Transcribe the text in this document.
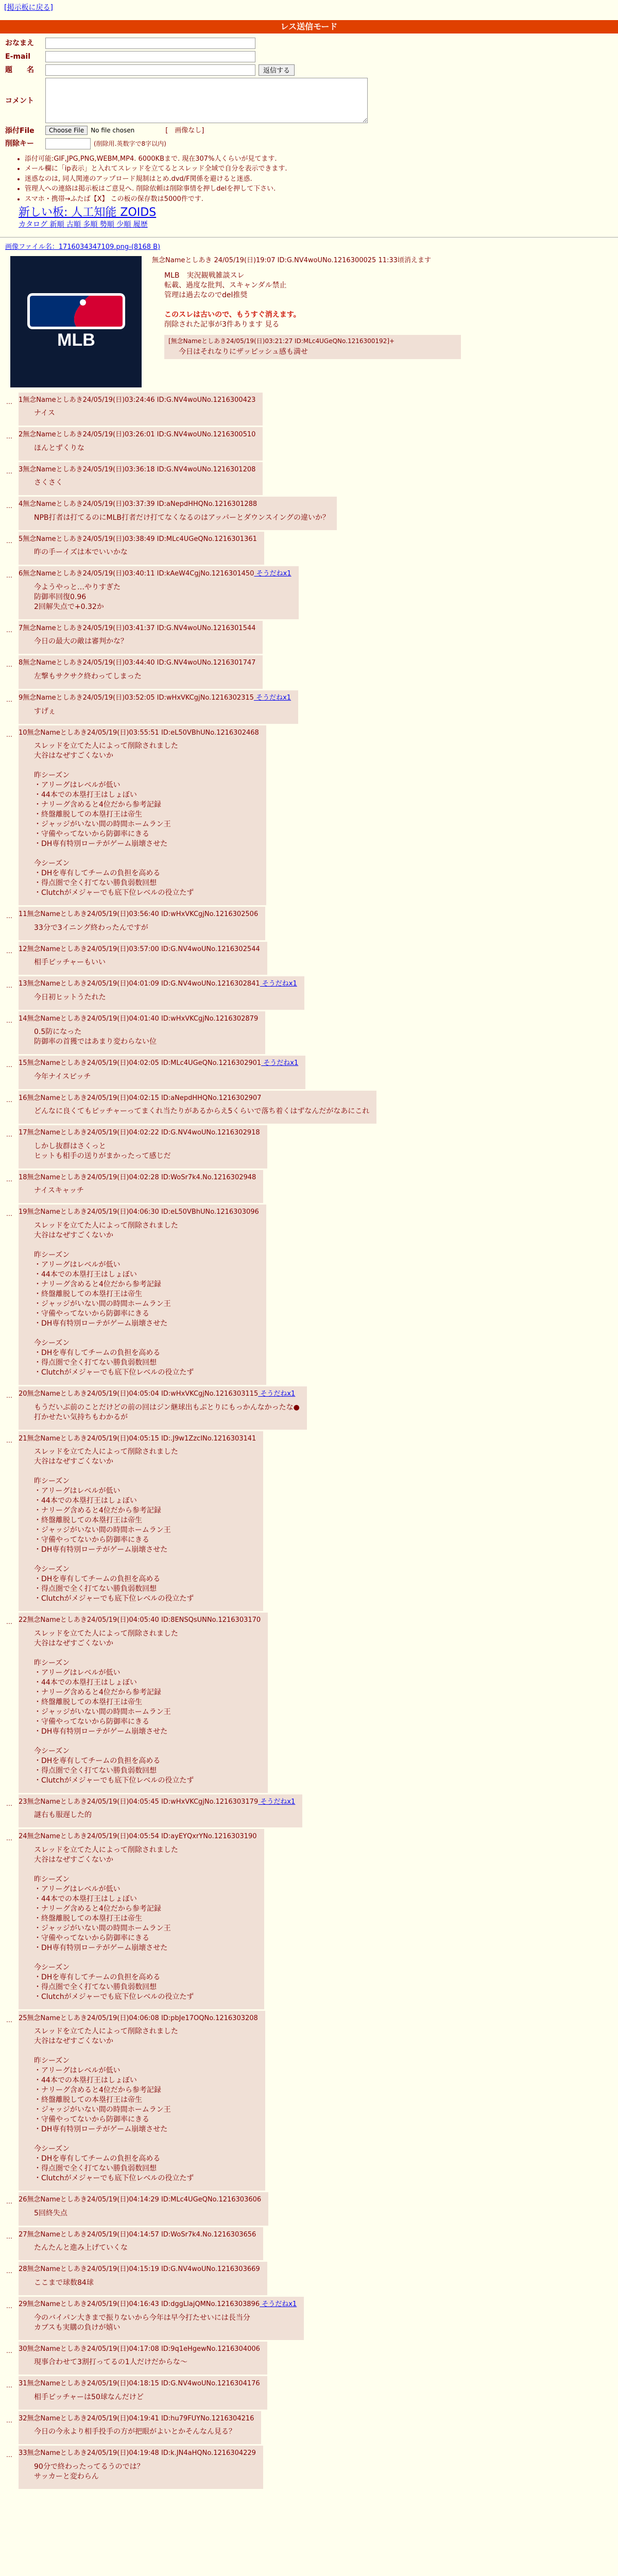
[掲示板に戻る]
レス送信モード
おなまえ
E-mail
題　　名	返信する
コメント
添付File	Choose File	No file chosen	[　画像なし]
削除キー	(削除用.英数字で8字以内)
• 添付可能:GIF,JPG,PNG,WEBM,MP4. 6000KBまで. 現在307%人くらいが見てます.
• メール欄に「ip表示」と入れてスレッドを立てるとスレッド全域で自分を表示できます.
• 迷惑なのは, 同人関連のアップロード規制はとめ.dvd/F関係を避けると迷惑.
• 管理人への連絡は掲示板はご意見へ. 削除依頼は削除事情を押しdelを押して下さい.
• スマホ・携帯→ふたば【X】 この板の保存数は5000件です.
新しい板: 人工知能 ZOIDS
カタログ 新順 古順 多順 勢順 少順 履歴
画像ファイル名：1716034347109.png-(8168 B)
MLB
無念Nameとしあき 24/05/19(日)19:07 ID:G.NV4woUNo.1216300025 11:33頃消えます
MLB　実況観戦雑談スレ
転載、過度な批判、スキャンダル禁止
管理は過去なのでdel推奨
このスレは古いので、もうすぐ消えます。
削除された記事が3件あります 見る
[無念Nameとしあき24/05/19(日)03:21:27 ID:MLc4UGeQNo.1216300192]+
今日はそれなりにザッピッシュ感も満せ
… 1無念Nameとしあき24/05/19(日)03:24:46 ID:G.NV4woUNo.1216300423
ナイス
… 2無念Nameとしあき24/05/19(日)03:26:01 ID:G.NV4woUNo.1216300510
ほんとずくりな
… 3無念Nameとしあき24/05/19(日)03:36:18 ID:G.NV4woUNo.1216301208
さくさく
… 4無念Nameとしあき24/05/19(日)03:37:39 ID:aNepdHHQNo.1216301288
NPB打者は打てるのにMLB打者だけ打てなくなるのはアッパーとダウンスイングの違いか？
… 5無念Nameとしあき24/05/19(日)03:38:49 ID:MLc4UGeQNo.1216301361
昨の手ーイズは本でいいかな
… 6無念Nameとしあき24/05/19(日)03:40:11 ID:kAeW4CgjNo.1216301450 そうだねx1
今ようやっと…やりすぎた
防御率回復0.96
2回解失点で+0.32か
… 7無念Nameとしあき24/05/19(日)03:41:37 ID:G.NV4woUNo.1216301544
今日の最大の敵は審判かな？
… 8無念Nameとしあき24/05/19(日)03:44:40 ID:G.NV4woUNo.1216301747
左撃もサクサク終わってしまった
… 9無念Nameとしあき24/05/19(日)03:52:05 ID:wHxVKCgjNo.1216302315 そうだねx1
すげぇ
… 10無念Nameとしあき24/05/19(日)03:55:51 ID:eL50VBhUNo.1216302468
スレッドを立てた人によって削除されました
大谷はなぜすごくないか
昨シーズン
・アリーグはレベルが低い
・44本での本塁打王はしょぼい
・ナリーグ含めると4位だから参考記録
・終盤離脱しての本塁打王は帝生
・ジャッジがいない間の時間ホームラン王
・守備やってないから防御率にきる
・DH専有特別ローテがゲーム崩壊させた
今シーズン
・DHを専有してチームの負担を高める
・得点圏で全く打てない勝負弱数回想
・Clutchがメジャーでも底下位レベルの役立たず
… 11無念Nameとしあき24/05/19(日)03:56:40 ID:wHxVKCgjNo.1216302506
33分で3イニング終わったんですが
… 12無念Nameとしあき24/05/19(日)03:57:00 ID:G.NV4woUNo.1216302544
相手ピッチャーもいい
… 13無念Nameとしあき24/05/19(日)04:01:09 ID:G.NV4woUNo.1216302841 そうだねx1
今日初ヒットうたれた
… 14無念Nameとしあき24/05/19(日)04:01:40 ID:wHxVKCgjNo.1216302879
0.5防になった
防御率の首獲ではあまり変わらない位
… 15無念Nameとしあき24/05/19(日)04:02:05 ID:MLc4UGeQNo.1216302901 そうだねx1
今年ナイスピッチ
… 16無念Nameとしあき24/05/19(日)04:02:15 ID:aNepdHHQNo.1216302907
どんなに良くてもピッチャーってまくれ当たりがあるからえ5くらいで落ち着くはずなんだがなあにこれ
… 17無念Nameとしあき24/05/19(日)04:02:22 ID:G.NV4woUNo.1216302918
しかし抜群はさくっと
ヒットも相手の送りがまかったって感じだ
… 18無念Nameとしあき24/05/19(日)04:02:28 ID:WoSr7k4.No.1216302948
ナイスキャッチ
… 19無念Nameとしあき24/05/19(日)04:06:30 ID:eL50VBhUNo.1216303096
スレッドを立てた人によって削除されました
大谷はなぜすごくないか
昨シーズン
・アリーグはレベルが低い
・44本での本塁打王はしょぼい
・ナリーグ含めると4位だから参考記録
・終盤離脱しての本塁打王は帝生
・ジャッジがいない間の時間ホームラン王
・守備やってないから防御率にきる
・DH専有特別ローテがゲーム崩壊させた
今シーズン
・DHを専有してチームの負担を高める
・得点圏で全く打てない勝負弱数回想
・Clutchがメジャーでも底下位レベルの役立たず
… 20無念Nameとしあき24/05/19(日)04:05:04 ID:wHxVKCgjNo.1216303115 そうだねx1
もうだいぶ前のことだけどの前の回はジン継球出もぶとりにもっかんなかったな●
打かせたい気持ちもわかるが
… 21無念Nameとしあき24/05/19(日)04:05:15 ID:.J9w1ZzcINo.1216303141
スレッドを立てた人によって削除されました
大谷はなぜすごくないか
昨シーズン
・アリーグはレベルが低い
・44本での本塁打王はしょぼい
・ナリーグ含めると4位だから参考記録
・終盤離脱しての本塁打王は帝生
・ジャッジがいない間の時間ホームラン王
・守備やってないから防御率にきる
・DH専有特別ローテがゲーム崩壊させた
今シーズン
・DHを専有してチームの負担を高める
・得点圏で全く打てない勝負弱数回想
・Clutchがメジャーでも底下位レベルの役立たず
… 22無念Nameとしあき24/05/19(日)04:05:40 ID:8ENSQsUNNo.1216303170
スレッドを立てた人によって削除されました
大谷はなぜすごくないか
昨シーズン
・アリーグはレベルが低い
・44本での本塁打王はしょぼい
・ナリーグ含めると4位だから参考記録
・終盤離脱しての本塁打王は帝生
・ジャッジがいない間の時間ホームラン王
・守備やってないから防御率にきる
・DH専有特別ローテがゲーム崩壊させた
今シーズン
・DHを専有してチームの負担を高める
・得点圏で全く打てない勝負弱数回想
・Clutchがメジャーでも底下位レベルの役立たず
… 23無念Nameとしあき24/05/19(日)04:05:45 ID:wHxVKCgjNo.1216303179 そうだねx1
謎右も服遅した的
… 24無念Nameとしあき24/05/19(日)04:05:54 ID:ayEYQxrYNo.1216303190
スレッドを立てた人によって削除されました
大谷はなぜすごくないか
昨シーズン
・アリーグはレベルが低い
・44本での本塁打王はしょぼい
・ナリーグ含めると4位だから参考記録
・終盤離脱しての本塁打王は帝生
・ジャッジがいない間の時間ホームラン王
・守備やってないから防御率にきる
・DH専有特別ローテがゲーム崩壊させた
今シーズン
・DHを専有してチームの負担を高める
・得点圏で全く打てない勝負弱数回想
・Clutchがメジャーでも底下位レベルの役立たず
… 25無念Nameとしあき24/05/19(日)04:06:08 ID:pbJe17OQNo.1216303208
スレッドを立てた人によって削除されました
大谷はなぜすごくないか
昨シーズン
・アリーグはレベルが低い
・44本での本塁打王はしょぼい
・ナリーグ含めると4位だから参考記録
・終盤離脱しての本塁打王は帝生
・ジャッジがいない間の時間ホームラン王
・守備やってないから防御率にきる
・DH専有特別ローテがゲーム崩壊させた
今シーズン
・DHを専有してチームの負担を高める
・得点圏で全く打てない勝負弱数回想
・Clutchがメジャーでも底下位レベルの役立たず
… 26無念Nameとしあき24/05/19(日)04:14:29 ID:MLc4UGeQNo.1216303606
5回終失点
… 27無念Nameとしあき24/05/19(日)04:14:57 ID:WoSr7k4.No.1216303656
たんたんと進み上げていくな
… 28無念Nameとしあき24/05/19(日)04:15:19 ID:G.NV4woUNo.1216303669
ここまで球数84球
… 29無念Nameとしあき24/05/19(日)04:16:43 ID:dggLlajQMNo.1216303896 そうだねx1
今のバイパン大きまで振りないから今年は早今打たせいには長当分
カブスも実購の負けが嬉い
… 30無念Nameとしあき24/05/19(日)04:17:08 ID:9q1eHgewNo.1216304006
現事合わせて3割打ってるの1人だけだからな～
… 31無念Nameとしあき24/05/19(日)04:18:15 ID:G.NV4woUNo.1216304176
相手ピッチャーは50球なんだけど
… 32無念Nameとしあき24/05/19(日)04:19:41 ID:hu79FUYNo.1216304216
今日の今永より相手投手の方が把眼がよいとかそんなん見る？
… 33無念Nameとしあき24/05/19(日)04:19:48 ID:k.JN4aHQNo.1216304229
90分で終わったってるうのでは？
サッカーと変わらん
